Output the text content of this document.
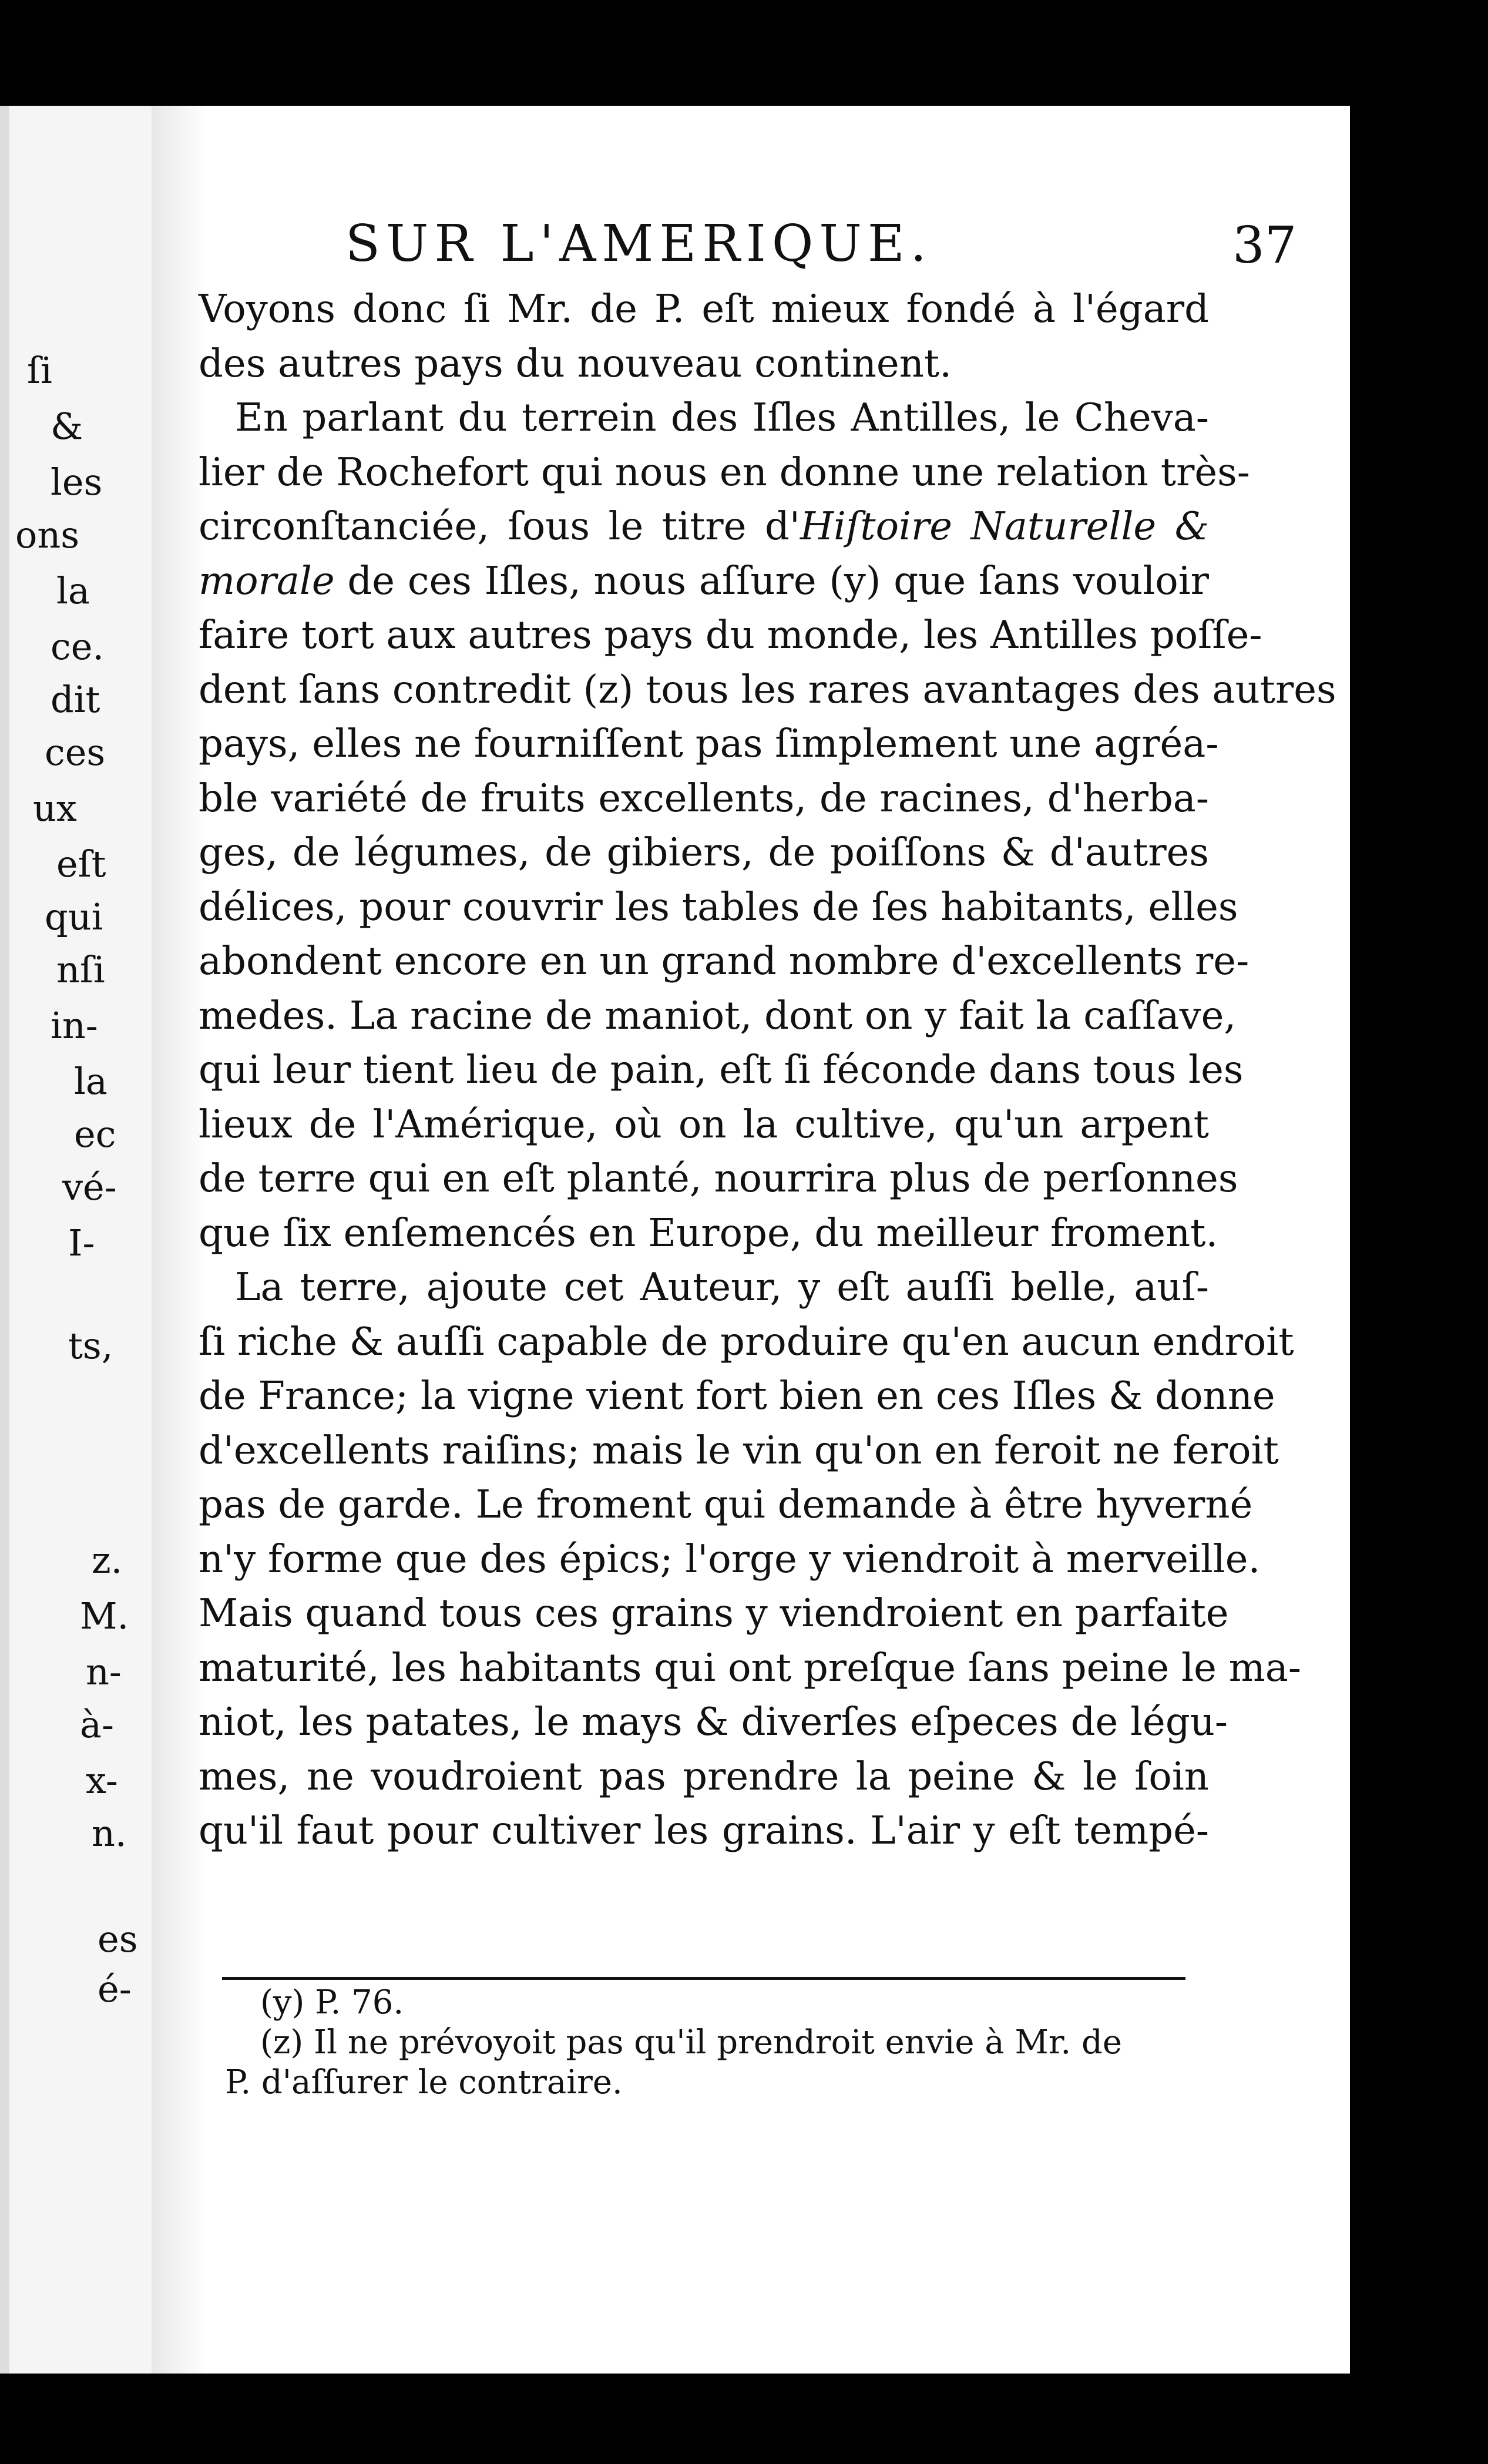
ſi
&
les
ons
la
ce.
dit
ces
ux
eſt
qui
nſi
in-
la
ec
vé-
I-
ts,
z.
M.
n-
à-
x-
n.
es
é-
SUR L'AMERIQUE.	37
Voyons donc ſi Mr. de P. eſt mieux fondé à l'égard
des autres pays du nouveau continent.
En parlant du terrein des Iſles Antilles, le Cheva-
lier de Rochefort qui nous en donne une relation très-
circonſtanciée, ſous le titre d'Hiſtoire Naturelle &
morale de ces Iſles, nous aſſure (y) que ſans vouloir
faire tort aux autres pays du monde, les Antilles poſſe-
dent ſans contredit (z) tous les rares avantages des autres
pays, elles ne fourniſſent pas ſimplement une agréa-
ble variété de fruits excellents, de racines, d'herba-
ges, de légumes, de gibiers, de poiſſons & d'autres
délices, pour couvrir les tables de ſes habitants, elles
abondent encore en un grand nombre d'excellents re-
medes. La racine de maniot, dont on y fait la caſſave,
qui leur tient lieu de pain, eſt ſi féconde dans tous les
lieux de l'Amérique, où on la cultive, qu'un arpent
de terre qui en eſt planté, nourrira plus de perſonnes
que ſix enſemencés en Europe, du meilleur froment.
La terre, ajoute cet Auteur, y eſt auſſi belle, auſ-
ſi riche & auſſi capable de produire qu'en aucun endroit
de France; la vigne vient fort bien en ces Iſles & donne
d'excellents raiſins; mais le vin qu'on en feroit ne feroit
pas de garde. Le froment qui demande à être hyverné
n'y forme que des épics; l'orge y viendroit à merveille.
Mais quand tous ces grains y viendroient en parfaite
maturité, les habitants qui ont preſque ſans peine le ma-
niot, les patates, le mays & diverſes eſpeces de légu-
mes, ne voudroient pas prendre la peine & le ſoin
qu'il faut pour cultiver les grains. L'air y eſt tempé-
(y) P. 76.
(z) Il ne prévoyoit pas qu'il prendroit envie à Mr. de
P. d'aſſurer le contraire.
